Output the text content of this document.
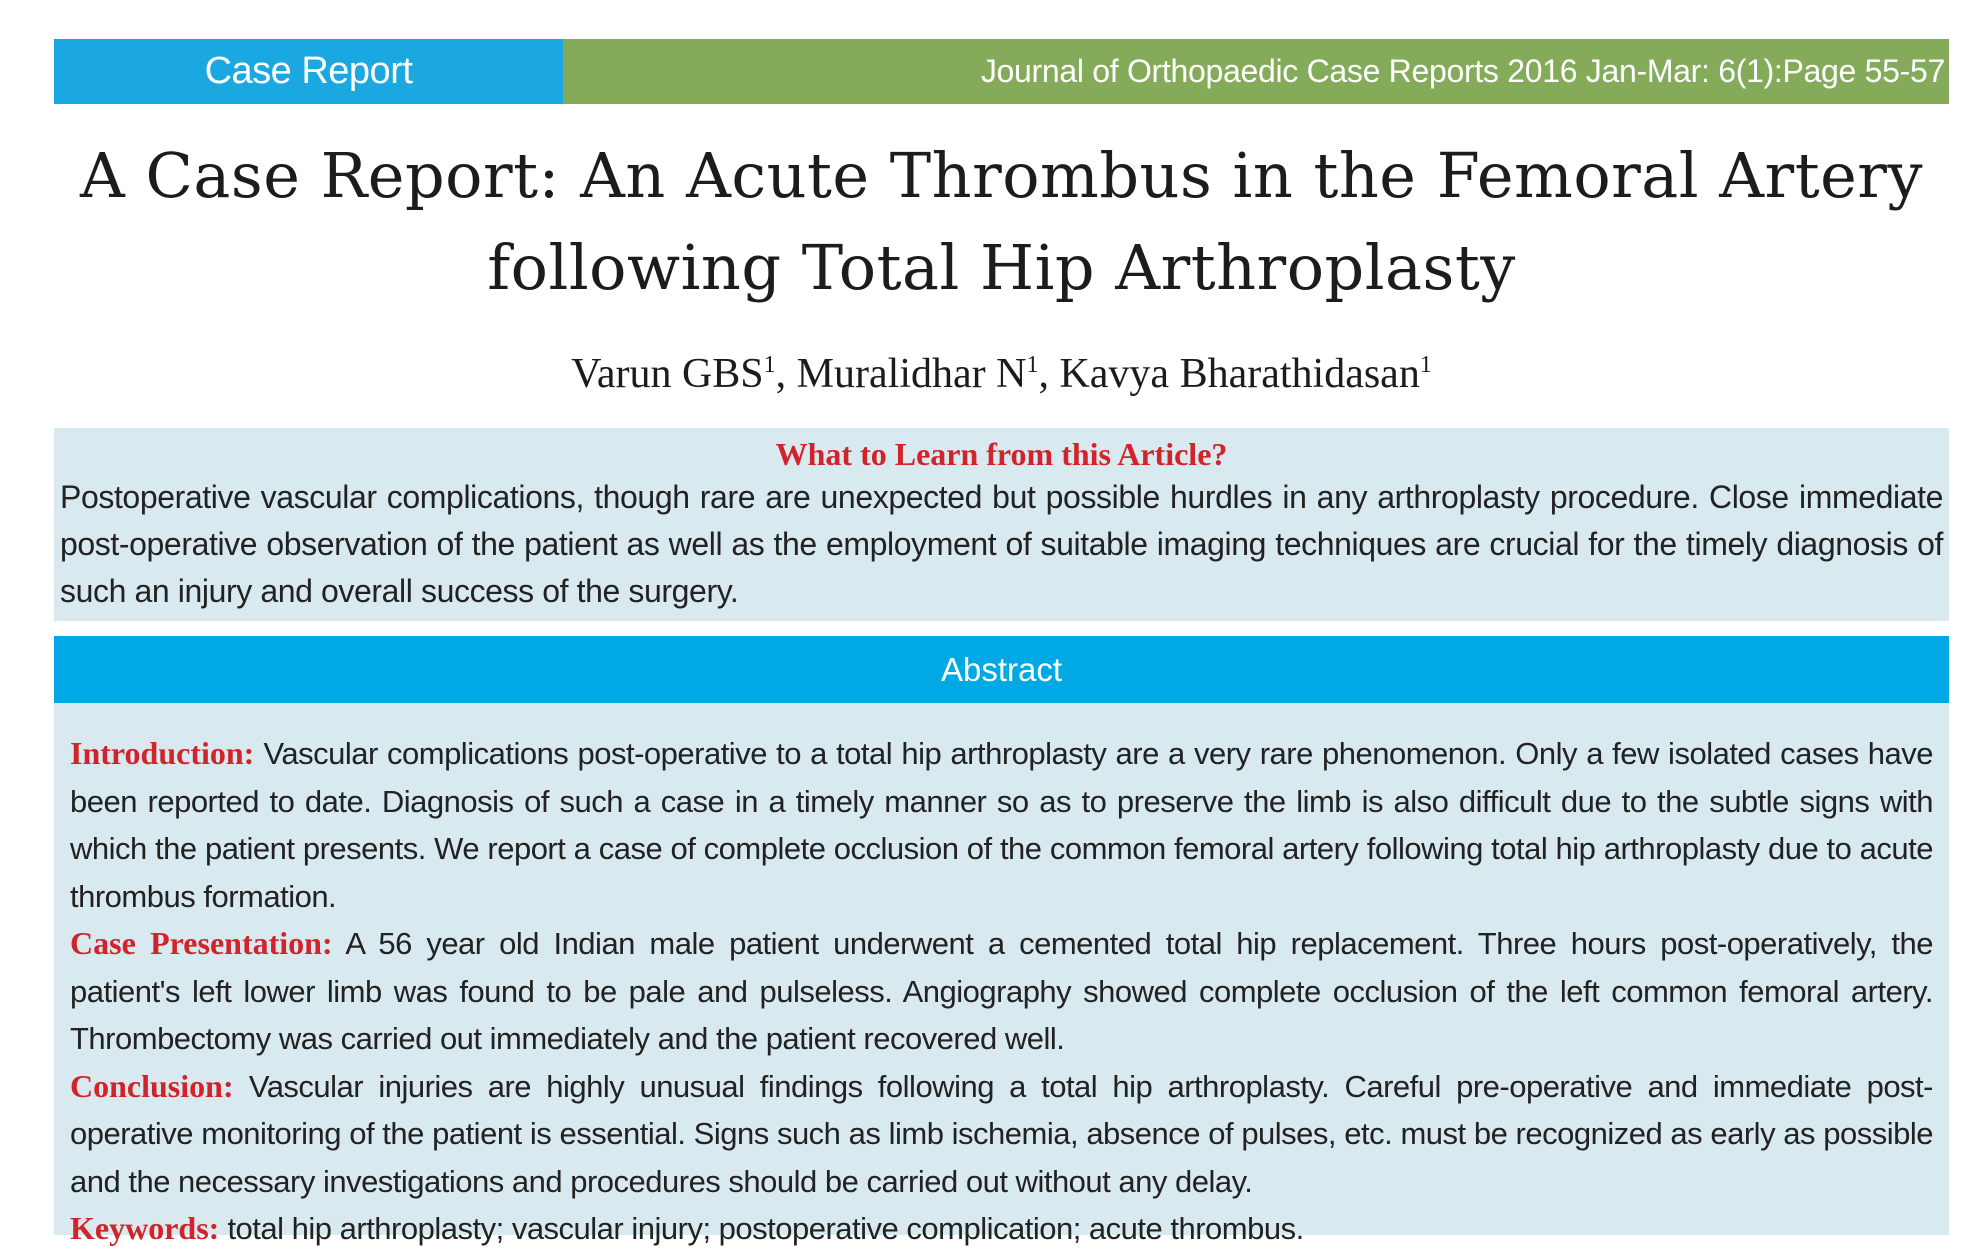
Case Report	Journal of Orthopaedic Case Reports 2016 Jan-Mar: 6(1):Page 55-57
A Case Report: An Acute Thrombus in the Femoral Artery
following Total Hip Arthroplasty
Varun GBS$^1$, Muralidhar $N^1$, Kavya Bharathidasan$^1$
What to Learn from this Article?
Postoperative vascular complications, though rare are unexpected but possible hurdles in any arthroplasty procedure. Close immediate post-operative observation of the patient as well as the employment of suitable imaging techniques are crucial for the timely diagnosis of such an injury and overall success of the surgery.
Abstract

Introduction: Vascular complications post-operative to a total hip arthroplasty are a very rare phenomenon. Only a few isolated cases have been reported to date. Diagnosis of such a case in a timely manner so as to preserve the limb is also difficult due to the subtle signs with which the patient presents. We report a case of complete occlusion of the common femoral artery following total hip arthroplasty due to acute thrombus formation.

Case Presentation: A 56 year old Indian male patient underwent a cemented total hip replacement. Three hours post-operatively, the patient's left lower limb was found to be pale and pulseless. Angiography showed complete occlusion of the left common femoral artery. Thrombectomy was carried out immediately and the patient recovered well.

Conclusion: Vascular injuries are highly unusual findings following a total hip arthroplasty. Careful pre-operative and immediate post-operative monitoring of the patient is essential. Signs such as limb ischemia, absence of pulses, etc. must be recognized as early as possible and the necessary investigations and procedures should be carried out without any delay.

Keywords: total hip arthroplasty; vascular injury; postoperative complication; acute thrombus.
